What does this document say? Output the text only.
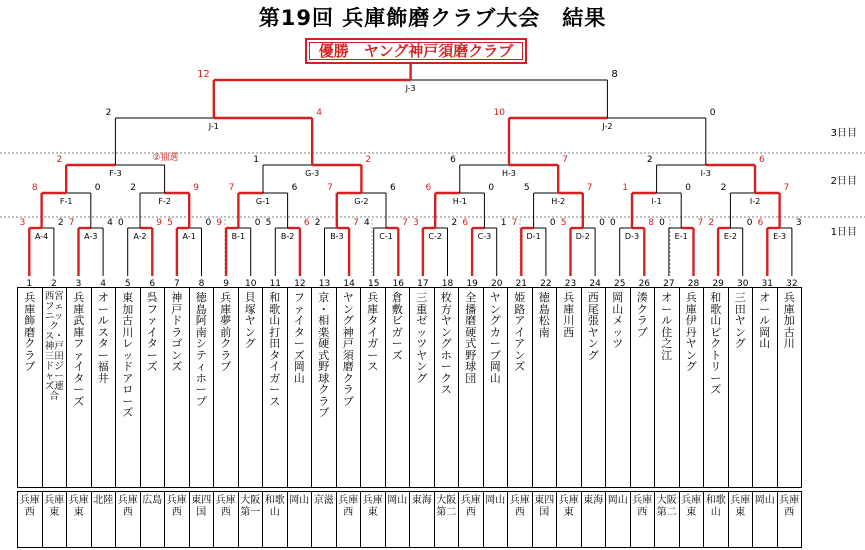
第19回 兵庫飾磨クラブ大会　結果
1 2 3 4 5 6 7 8 9 10 11 12 13 14 15 16 17 18 19 20 21 22 23 24 25 26 27 28 29 30 31 32
3	2
A-4
7	4
A-3
0	9
A-2
5	0
A-1
9	0
B-1
5	6
B-2
2	7
B-3
4	7
C-1
3	2
C-2
6	1
C-3
7	0
D-1
5	0
D-2
0	8
D-3
0	7
E-1
2	0
E-2
6	3
E-3
8	0
F-1
2	9
F-2
7	6
G-1
7	6
G-2
6	0
H-1
5	7
H-2
1	0
I-1
2	7
I-2
2
F-3
1	2
G-3
6	7
H-3
2	6
I-3
②抽選
2	4
J-1
10	0
J-2
12	8
J-3
優勝　ヤング神戸須磨クラブ
3日目
2日目
1日目
兵庫飾磨クラブ

西宮フェニックス・神戸三田ドジャーズ連合

兵庫武庫ファイターズ

オールスター福井

東加古川レッドアローズ

呉ファイターズ

神戸ドラゴンズ

徳島阿南シティホープ

兵庫夢前クラブ

貝塚ヤング

和歌山打田タイガース

ファイターズ岡山

京・相楽硬式野球クラブ

ヤング神戸須磨クラブ

兵庫タイガース

倉敷ビガーズ

三重ゼッツヤング

枚方ヤングホークス

全播磨硬式野球団

ヤングカーブ岡山

姫路アイアンズ

徳島松南

兵庫川西

西尾張ヤング

岡山メッツ

湊クラブ

オール住之江

兵庫伊丹ヤング

和歌山ビクトリーズ

三田ヤング

オール岡山

兵庫加古川
兵庫西

兵庫東

兵庫東

北陸	兵庫西

広島	兵庫西

東四国

兵庫西

大阪第一

和歌山

岡山	京滋	兵庫西

兵庫東

岡山	東海	大阪第二

兵庫西

岡山	兵庫西

東四国

兵庫東

東海	岡山	兵庫西

大阪第二

兵庫東

和歌山

兵庫東

岡山	兵庫西
